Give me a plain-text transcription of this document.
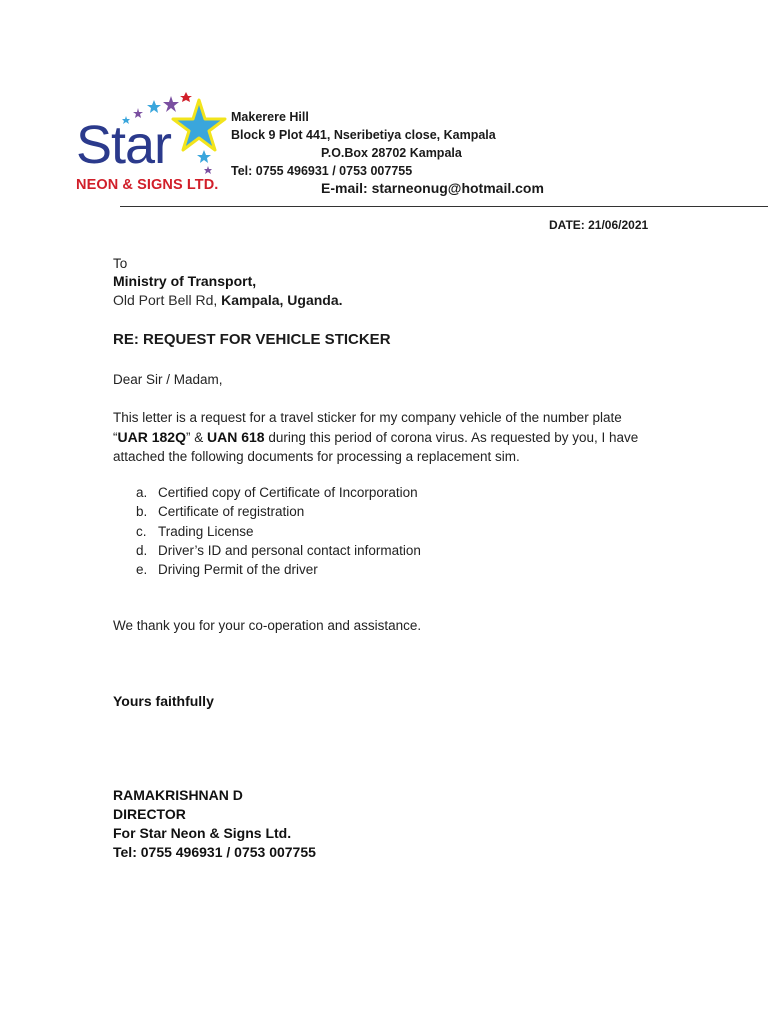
Star
NEON & SIGNS LTD.
Makerere Hill
Block 9 Plot 441, Nseribetiya close, Kampala
P.O.Box 28702 Kampala
Tel: 0755 496931 / 0753 007755
E-mail: starneonug@hotmail.com
DATE: 21/06/2021
To
Ministry of Transport,
Old Port Bell Rd, Kampala, Uganda.
RE: REQUEST FOR VEHICLE STICKER
Dear Sir / Madam,
This letter is a request for a travel sticker for my company vehicle of the number plate
“UAR 182Q” & UAN 618 during this period of corona virus. As requested by you, I have attached the following documents for processing a replacement sim.
a. Certified copy of Certificate of Incorporation
b. Certificate of registration
c. Trading License
d. Driver’s ID and personal contact information
e. Driving Permit of the driver
We thank you for your co-operation and assistance.
Yours faithfully
RAMAKRISHNAN D
DIRECTOR
For Star Neon & Signs Ltd.
Tel: 0755 496931 / 0753 007755
